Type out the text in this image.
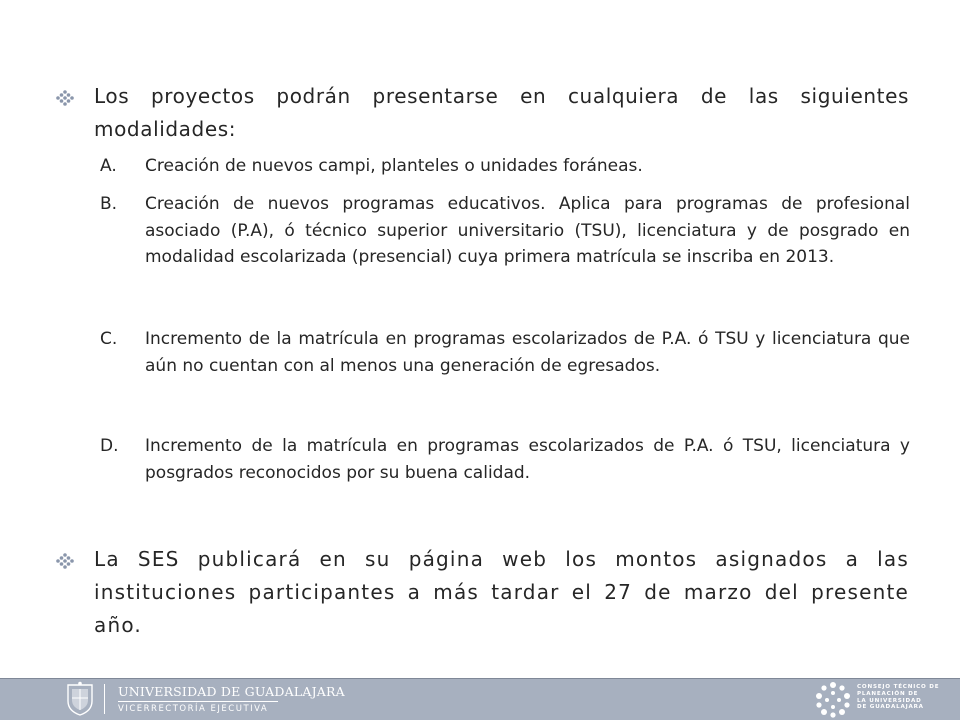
Los proyectos podrán presentarse en cualquiera de las siguientes modalidades:

A. Creación de nuevos campi, planteles o unidades foráneas.

B. Creación de nuevos programas educativos. Aplica para programas de profesional asociado (P.A), ó técnico superior universitario (TSU), licenciatura y de posgrado en modalidad escolarizada (presencial) cuya primera matrícula se inscriba en 2013.

C. Incremento de la matrícula en programas escolarizados de P.A. ó TSU y licenciatura que aún no cuentan con al menos una generación de egresados.

D. Incremento de la matrícula en programas escolarizados de P.A. ó TSU, licenciatura y posgrados reconocidos por su buena calidad.

La SES publicará en su página web los montos asignados a las instituciones participantes a más tardar el 27 de marzo del presente año.

UNIVERSIDAD DE GUADALAJARA
VICERRECTORÍA EJECUTIVA
CONSEJO TÉCNICO DE
PLANEACIÓN DE
LA UNIVERSIDAD
DE GUADALAJARA
